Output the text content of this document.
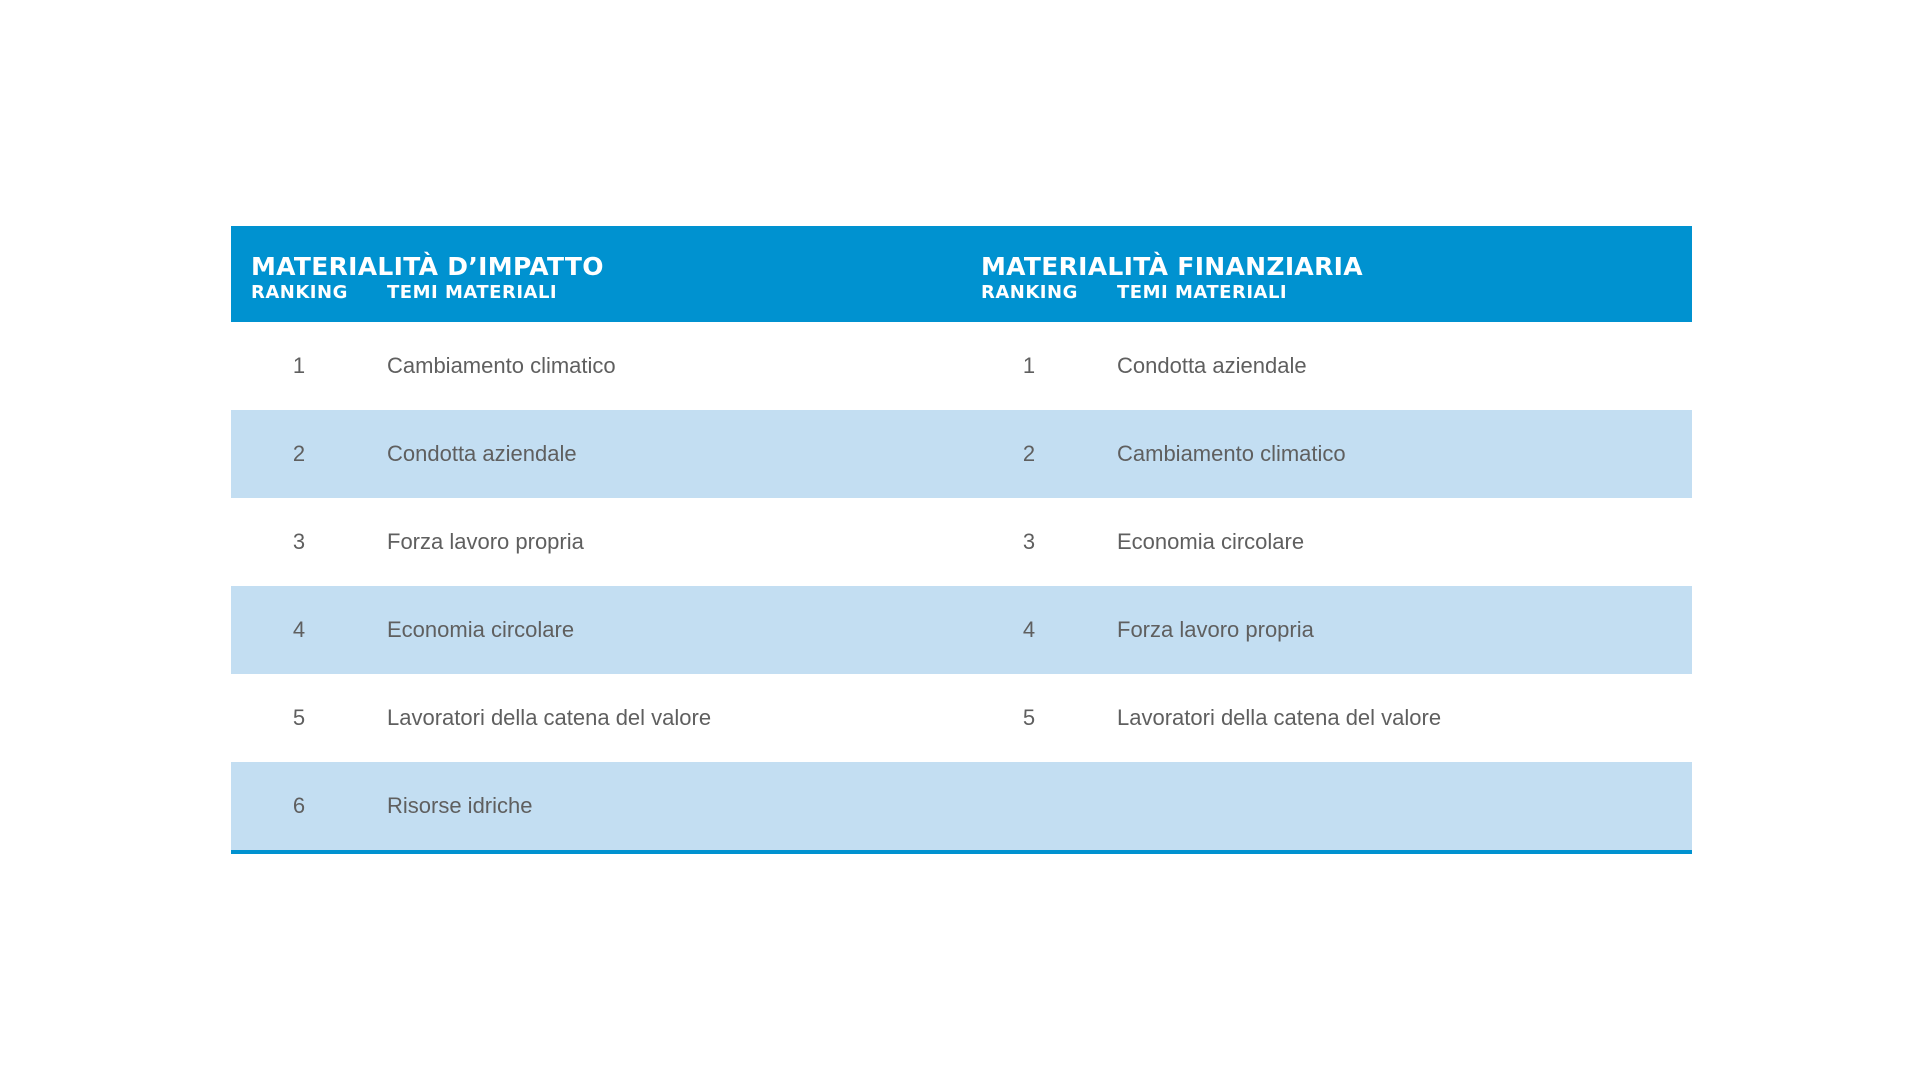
MATERIALITÀ D’IMPATTO
RANKING TEMI MATERIALI
MATERIALITÀ FINANZIARIA
RANKING TEMI MATERIALI
1	Cambiamento climatico	1	Condotta aziendale
2	Condotta aziendale	2	Cambiamento climatico
3	Forza lavoro propria	3	Economia circolare
4	Economia circolare	4	Forza lavoro propria
5	Lavoratori della catena del valore	5	Lavoratori della catena del valore
6	Risorse idriche
